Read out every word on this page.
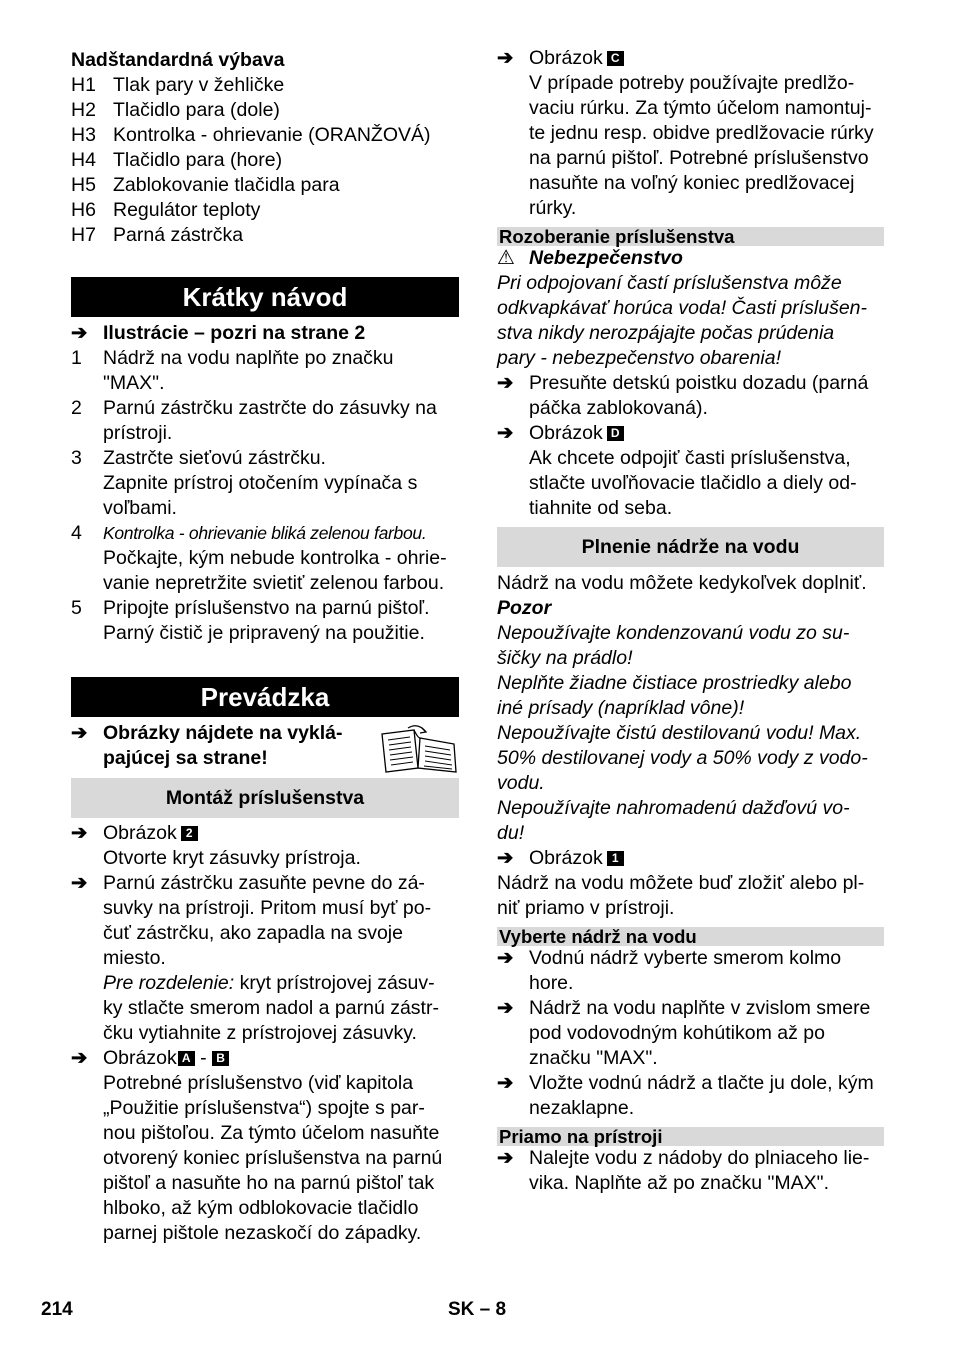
Nadštandardná výbava
H1 Tlak pary v žehličke
H2 Tlačidlo para (dole)
H3 Kontrolka - ohrievanie (ORANŽOVÁ)
H4 Tlačidlo para (hore)
H5 Zablokovanie tlačidla para
H6 Regulátor teploty
H7 Parná zástrčka
Krátky návod
➔ Ilustrácie – pozri na strane 2
1 Nádrž na vodu naplňte po značku
"MAX".
2 Parnú zástrčku zastrčte do zásuvky na
prístroji.
3 Zastrčte sieťovú zástrčku.
Zapnite prístroj otočením vypínača s
voľbami.
4 Kontrolka - ohrievanie bliká zelenou farbou.
Počkajte, kým nebude kontrolka - ohrie-
vanie nepretržite svietiť zelenou farbou.
5 Pripojte príslušenstvo na parnú pištoľ.
Parný čistič je pripravený na použitie.
Prevádzka
➔ Obrázky nájdete na vyklá-
pajúcej sa strane!
Montáž príslušenstva
➔ Obrázok 2
Otvorte kryt zásuvky prístroja.
➔ Parnú zástrčku zasuňte pevne do zá-
suvky na prístroji. Pritom musí byť po-
čuť zástrčku, ako zapadla na svoje
miesto.
Pre rozdelenie: kryt prístrojovej zásuv-
ky stlačte smerom nadol a parnú zástr-
čku vytiahnite z prístrojovej zásuvky.
➔ Obrázok A - B
Potrebné príslušenstvo (viď kapitola
„Použitie príslušenstva“) spojte s par-
nou pištoľou. Za týmto účelom nasuňte
otvorený koniec príslušenstva na parnú
pištoľ a nasuňte ho na parnú pištoľ tak
hlboko, až kým odblokovacie tlačidlo
parnej pištole nezaskočí do západky.
➔ Obrázok C
V prípade potreby používajte predlžo-
vaciu rúrku. Za týmto účelom namontuj-
te jednu resp. obidve predlžovacie rúrky
na parnú pištoľ. Potrebné príslušenstvo
nasuňte na voľný koniec predlžovacej
rúrky.
Rozoberanie príslušenstva
⚠ Nebezpečenstvo
Pri odpojovaní častí príslušenstva môže
odkvapkávať horúca voda! Časti príslušen-
stva nikdy nerozpájajte počas prúdenia
pary - nebezpečenstvo obarenia!
➔ Presuňte detskú poistku dozadu (parná
páčka zablokovaná).
➔ Obrázok D
Ak chcete odpojiť časti príslušenstva,
stlačte uvoľňovacie tlačidlo a diely od-
tiahnite od seba.
Plnenie nádrže na vodu
Nádrž na vodu môžete kedykoľvek doplniť.
Pozor
Nepoužívajte kondenzovanú vodu zo su-
šičky na prádlo!
Neplňte žiadne čistiace prostriedky alebo
iné prísady (napríklad vône)!
Nepoužívajte čistú destilovanú vodu! Max.
50% destilovanej vody a 50% vody z vodo-
vodu.
Nepoužívajte nahromadenú dažďovú vo-
du!
➔ Obrázok 1
Nádrž na vodu môžete buď zložiť alebo pl-
niť priamo v prístroji.
Vyberte nádrž na vodu
➔ Vodnú nádrž vyberte smerom kolmo
hore.
➔ Nádrž na vodu naplňte v zvislom smere
pod vodovodným kohútikom až po
značku "MAX".
➔ Vložte vodnú nádrž a tlačte ju dole, kým
nezaklapne.
Priamo na prístroji
➔ Nalejte vodu z nádoby do plniaceho lie-
vika. Naplňte až po značku "MAX".
214	SK – 8
